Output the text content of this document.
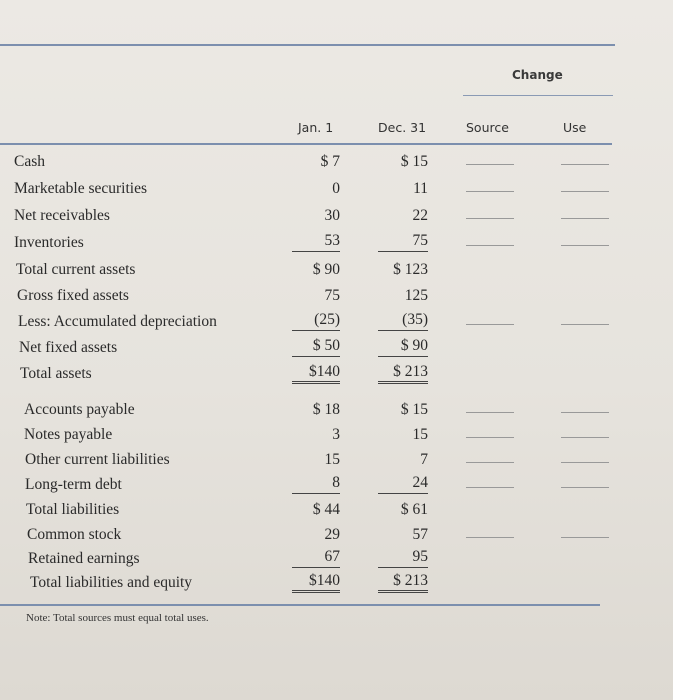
Change
Jan. 1	Dec. 31	Source	Use
Cash	$ 7	$ 15
Marketable securities	0	11
Net receivables	30	22
Inventories	53	75
Total current assets	$ 90	$ 123
Gross fixed assets	75	125
Less: Accumulated depreciation	(25)	(35)
Net fixed assets	$ 50	$ 90
Total assets	$140	$ 213
Accounts payable	$ 18	$ 15
Notes payable	3	15
Other current liabilities	15	7
Long-term debt	8	24
Total liabilities	$ 44	$ 61
Common stock	29	57
Retained earnings	67	95
Total liabilities and equity	$140	$ 213
Note: Total sources must equal total uses.
